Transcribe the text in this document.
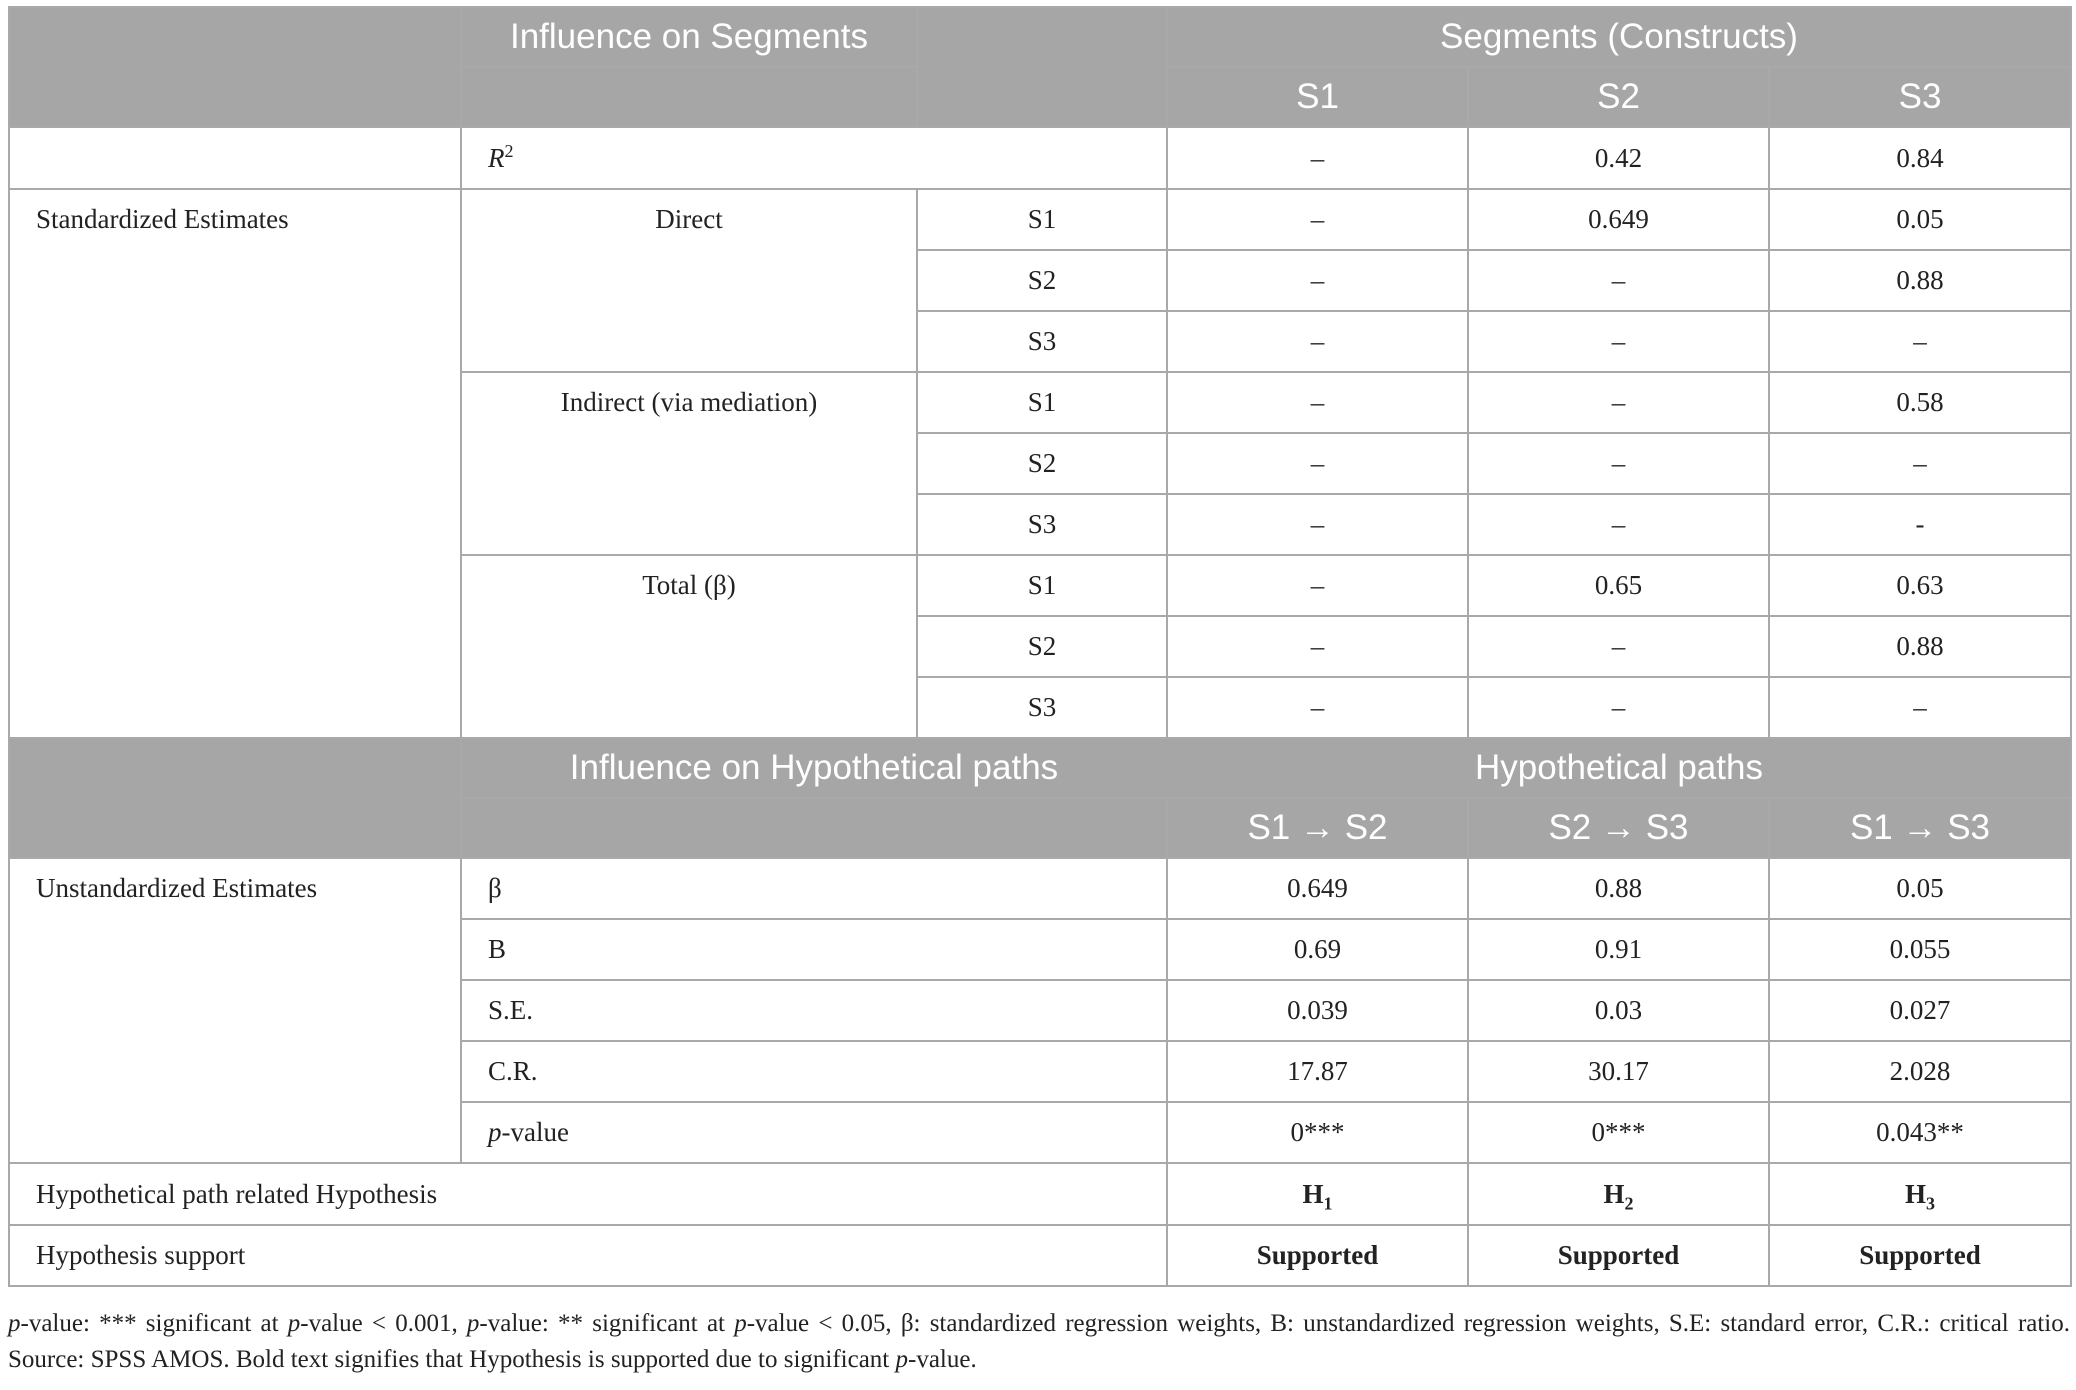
	Influence on Segments		Segments (Constructs)		
			S1	S2	S3
	$R^2$		–	0.42	0.84
Standardized Estimates	Direct	S1	–	0.649	0.05
		S2	–	–	0.88
		S3	–	–	–
	Indirect (via mediation)	S1	–	–	0.58
		S2	–	–	–
		S3	–	–	-
	Total (β)	S1	–	0.65	0.63
		S2	–	–	0.88
		S3	–	–	–
	Influence on Hypothetical paths		Hypothetical paths		
			S1 → S2	S2 → S3	S1 → S3
Unstandardized Estimates	β		0.649	0.88	0.05
	B		0.69	0.91	0.055
	S.E.		0.039	0.03	0.027
	C.R.		17.87	30.17	2.028
	p-value		0***	0***	0.043**
Hypothetical path related Hypothesis			$H_1$	$H_2$	$H_3$
Hypothesis support			Supported	Supported	Supported
p-value: *** significant at p-value < 0.001, p-value: ** significant at p-value < 0.05, β: standardized regression weights, B: unstandardized regression weights, S.E: standard error, C.R.: critical ratio. Source: SPSS AMOS. Bold text signifies that Hypothesis is supported due to significant p-value.
